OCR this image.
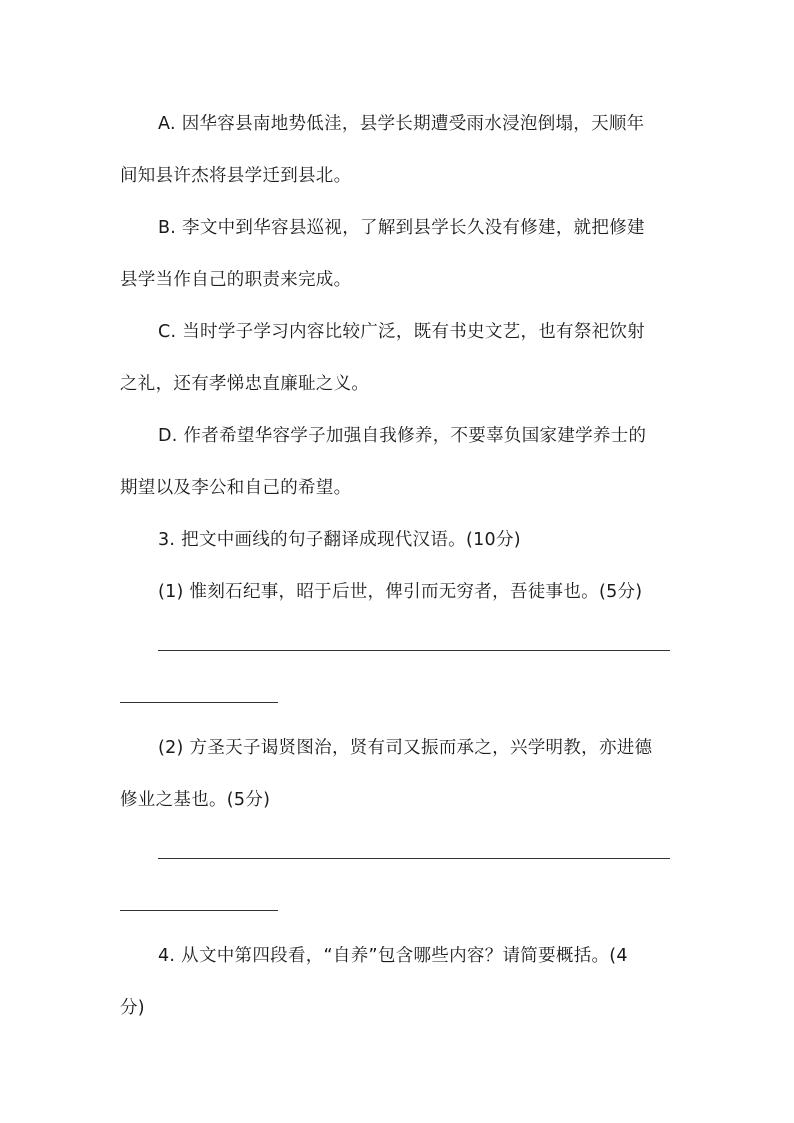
A. 因华容县南地势低洼，县学长期遭受雨水浸泡倒塌，天顺年
间知县许杰将县学迁到县北。
B. 李文中到华容县巡视，了解到县学长久没有修建，就把修建
县学当作自己的职责来完成。
C. 当时学子学习内容比较广泛，既有书史文艺，也有祭祀饮射
之礼，还有孝悌忠直廉耻之义。
D. 作者希望华容学子加强自我修养，不要辜负国家建学养士的
期望以及李公和自己的希望。
3. 把文中画线的句子翻译成现代汉语。(10分)
(1) 惟刻石纪事，昭于后世，俾引而无穷者，吾徒事也。(5分)
(2) 方圣天子谒贤图治，贤有司又振而承之，兴学明教，亦进德
修业之基也。(5分)
4. 从文中第四段看，“自养”包含哪些内容？请简要概括。(4
分)
